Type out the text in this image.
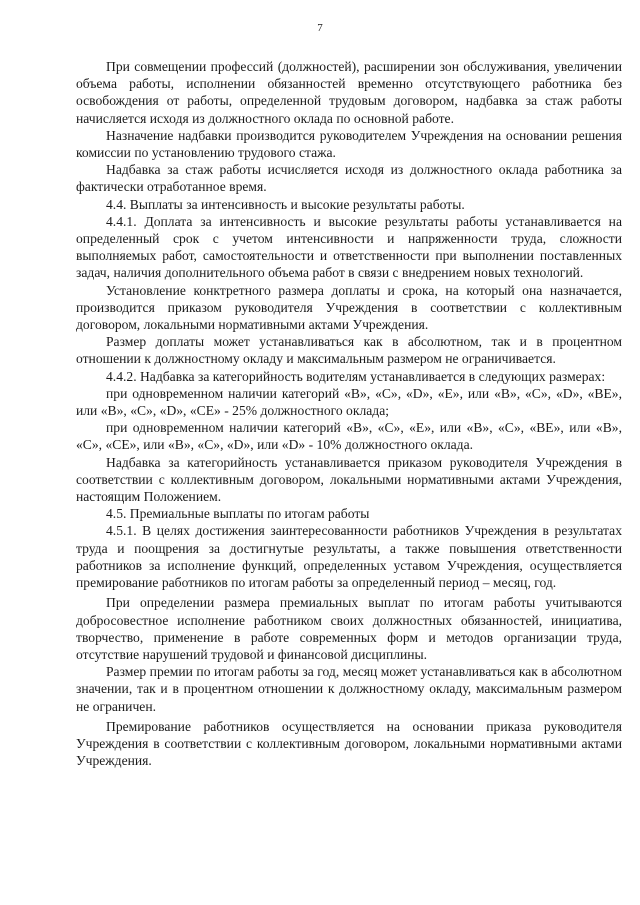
7

При совмещении профессий (должностей), расширении зон обслуживания, увеличении объема работы, исполнении обязанностей временно отсутствующего работника без освобождения от работы, определенной трудовым договором, надбавка за стаж работы начисляется исходя из должностного оклада по основной работе.

Назначение надбавки производится руководителем Учреждения на основании решения комиссии по установлению трудового стажа.

Надбавка за стаж работы исчисляется исходя из должностного оклада работника за фактически отработанное время.

4.4. Выплаты за интенсивность и высокие результаты работы.

4.4.1. Доплата за интенсивность и высокие результаты работы устанавливается на определенный срок с учетом интенсивности и напряженности труда, сложности выполняемых работ, самостоятельности и ответственности при выполнении поставленных задач, наличия дополнительного объема работ в связи с внедрением новых технологий.

Установление конктретного размера доплаты и срока, на который она назначается, производится приказом руководителя Учреждения в соответствии с коллективным договором, локальными нормативными актами Учреждения.

Размер доплаты может устанавливаться как в абсолютном, так и в процентном отношении к должностному окладу и максимальным размером не ограничивается.

4.4.2. Надбавка за категорийность водителям устанавливается в следующих размерах:

при одновременном наличии категорий «В», «С», «D», «Е», или «В», «С», «D», «ВЕ», или «В», «С», «D», «СЕ» - 25% должностного оклада;

при одновременном наличии категорий «В», «С», «Е», или «В», «С», «ВЕ», или «В», «С», «СЕ», или «В», «С», «D», или «D» - 10% должностного оклада.

Надбавка за категорийность устанавливается приказом руководителя Учреждения в соответствии с коллективным договором, локальными нормативными актами Учреждения, настоящим Положением.

4.5. Премиальные выплаты по итогам работы

4.5.1. В целях достижения заинтересованности работников Учреждения в результатах труда и поощрения за достигнутые результаты, а также повышения ответственности работников за исполнение функций, определенных уставом Учреждения, осуществляется премирование работников по итогам работы за определенный период – месяц, год.

При определении размера премиальных выплат по итогам работы учитываются добросовестное исполнение работником своих должностных обязанностей, инициатива, творчество, применение в работе современных форм и методов организации труда, отсутствие нарушений трудовой и финансовой дисциплины.

Размер премии по итогам работы за год, месяц может устанавливаться как в абсолютном значении, так и в процентном отношении к должностному окладу, максимальным размером не ограничен.

Премирование работников осуществляется на основании приказа руководителя Учреждения в соответствии с коллективным договором, локальными нормативными актами Учреждения.
